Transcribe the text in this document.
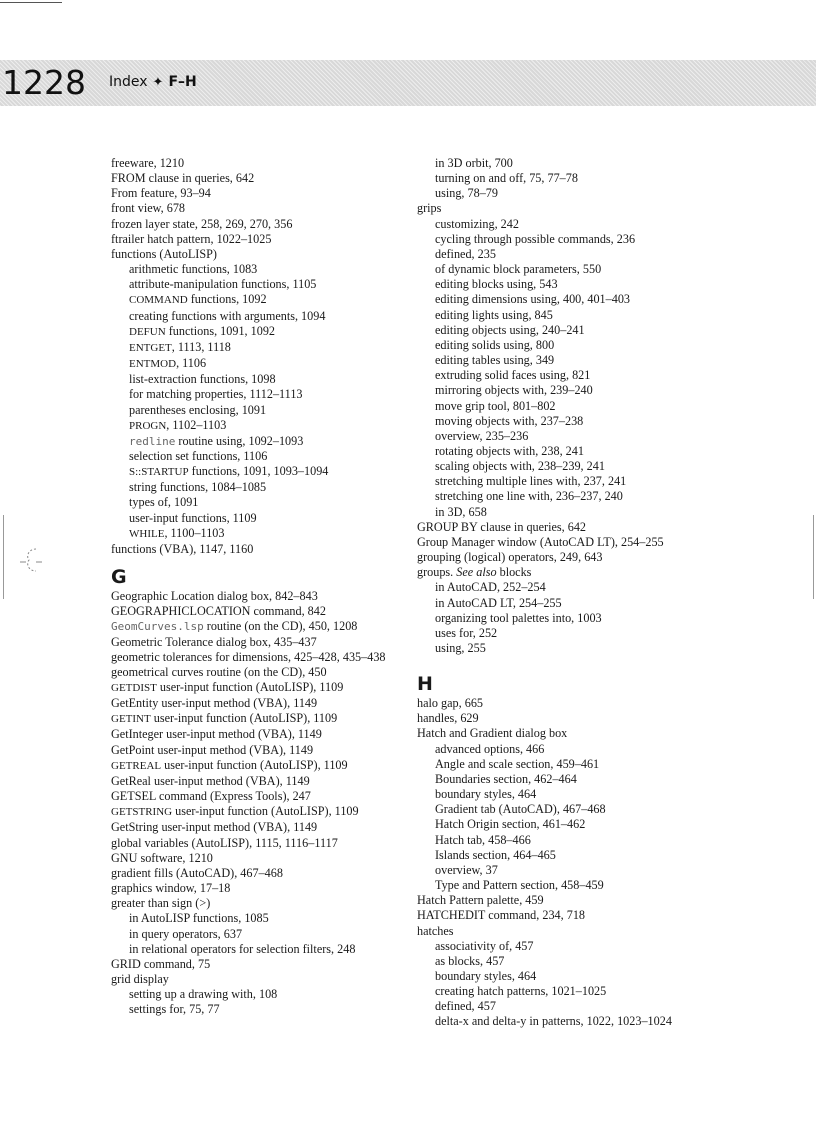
1228 Index ✦ F–H
freeware, 1210
FROM clause in queries, 642
From feature, 93–94
front view, 678
frozen layer state, 258, 269, 270, 356
ftrailer hatch pattern, 1022–1025
functions (AutoLISP)
arithmetic functions, 1083
attribute-manipulation functions, 1105
COMMAND functions, 1092
creating functions with arguments, 1094
DEFUN functions, 1091, 1092
ENTGET, 1113, 1118
ENTMOD, 1106
list-extraction functions, 1098
for matching properties, 1112–1113
parentheses enclosing, 1091
PROGN, 1102–1103
redline routine using, 1092–1093
selection set functions, 1106
S::STARTUP functions, 1091, 1093–1094
string functions, 1084–1085
types of, 1091
user-input functions, 1109
WHILE, 1100–1103
functions (VBA), 1147, 1160
G
Geographic Location dialog box, 842–843
GEOGRAPHICLOCATION command, 842
GeomCurves.lsp routine (on the CD), 450, 1208
Geometric Tolerance dialog box, 435–437
geometric tolerances for dimensions, 425–428, 435–438
geometrical curves routine (on the CD), 450
GETDIST user-input function (AutoLISP), 1109
GetEntity user-input method (VBA), 1149
GETINT user-input function (AutoLISP), 1109
GetInteger user-input method (VBA), 1149
GetPoint user-input method (VBA), 1149
GETREAL user-input function (AutoLISP), 1109
GetReal user-input method (VBA), 1149
GETSEL command (Express Tools), 247
GETSTRING user-input function (AutoLISP), 1109
GetString user-input method (VBA), 1149
global variables (AutoLISP), 1115, 1116–1117
GNU software, 1210
gradient fills (AutoCAD), 467–468
graphics window, 17–18
greater than sign (>)
in AutoLISP functions, 1085
in query operators, 637
in relational operators for selection filters, 248
GRID command, 75
grid display
setting up a drawing with, 108
settings for, 75, 77
in 3D orbit, 700
turning on and off, 75, 77–78
using, 78–79
grips
customizing, 242
cycling through possible commands, 236
defined, 235
of dynamic block parameters, 550
editing blocks using, 543
editing dimensions using, 400, 401–403
editing lights using, 845
editing objects using, 240–241
editing solids using, 800
editing tables using, 349
extruding solid faces using, 821
mirroring objects with, 239–240
move grip tool, 801–802
moving objects with, 237–238
overview, 235–236
rotating objects with, 238, 241
scaling objects with, 238–239, 241
stretching multiple lines with, 237, 241
stretching one line with, 236–237, 240
in 3D, 658
GROUP BY clause in queries, 642
Group Manager window (AutoCAD LT), 254–255
grouping (logical) operators, 249, 643
groups. See also blocks
in AutoCAD, 252–254
in AutoCAD LT, 254–255
organizing tool palettes into, 1003
uses for, 252
using, 255
H
halo gap, 665
handles, 629
Hatch and Gradient dialog box
advanced options, 466
Angle and scale section, 459–461
Boundaries section, 462–464
boundary styles, 464
Gradient tab (AutoCAD), 467–468
Hatch Origin section, 461–462
Hatch tab, 458–466
Islands section, 464–465
overview, 37
Type and Pattern section, 458–459
Hatch Pattern palette, 459
HATCHEDIT command, 234, 718
hatches
associativity of, 457
as blocks, 457
boundary styles, 464
creating hatch patterns, 1021–1025
defined, 457
delta-x and delta-y in patterns, 1022, 1023–1024
